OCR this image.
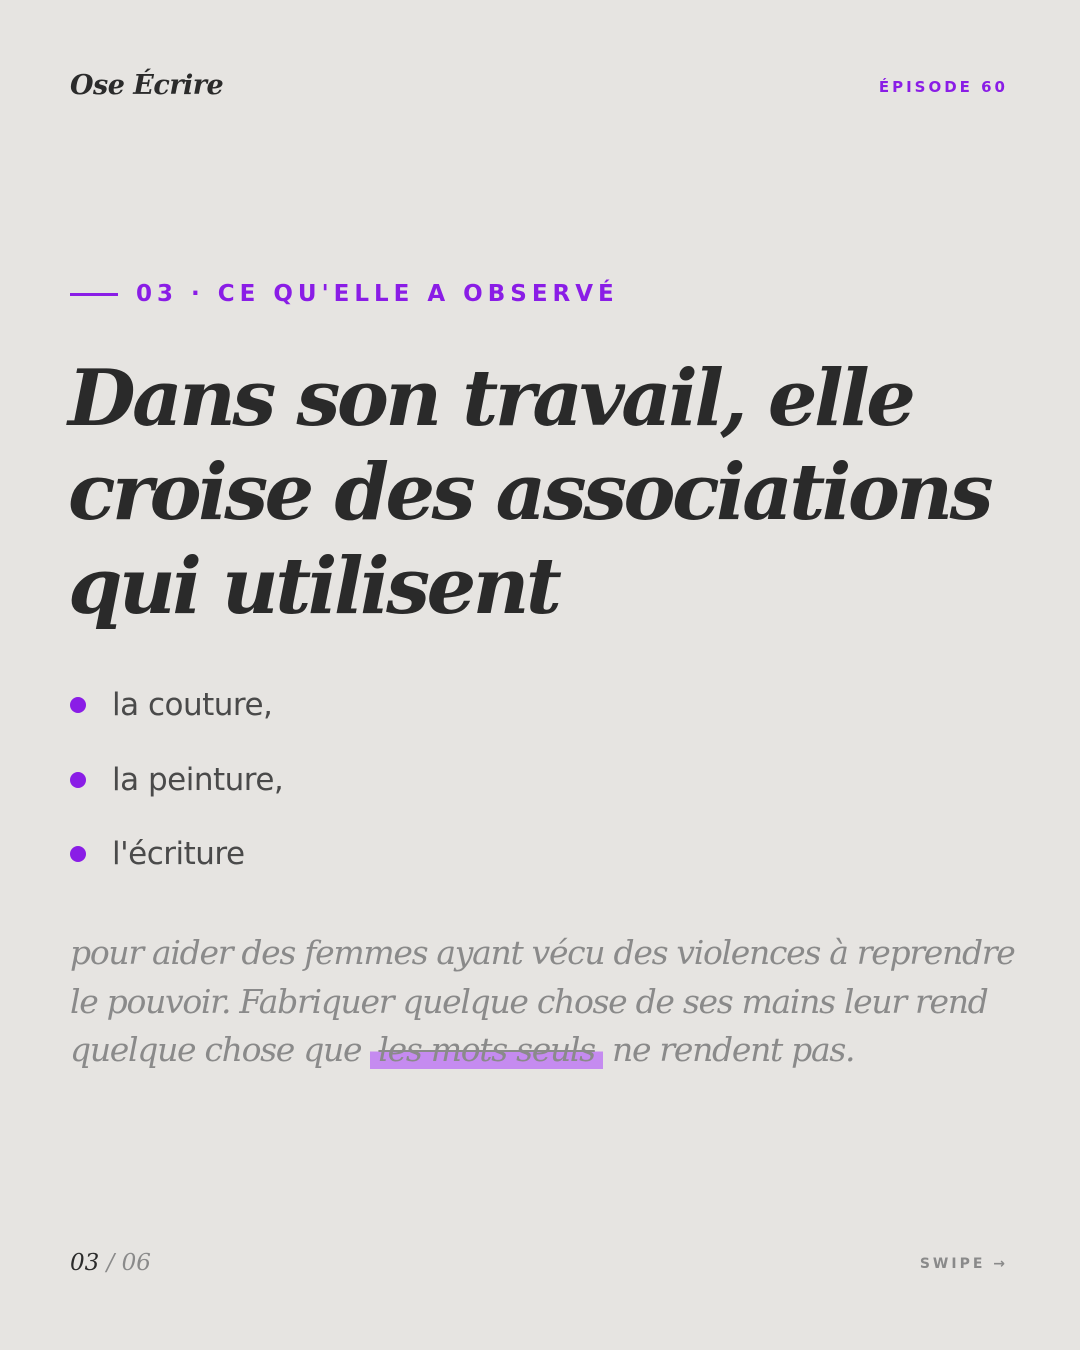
Ose Écrire	ÉPISODE 60
03 · CE QU'ELLE A OBSERVÉ
Dans son travail, elle
croise des associations
qui utilisent
la couture,
la peinture,
l'écriture

pour aider des femmes ayant vécu des violences à reprendre le pouvoir. Fabriquer quelque chose de ses mains leur rend quelque chose que les mots seuls ne rendent pas.

03 / 06	SWIPE →
